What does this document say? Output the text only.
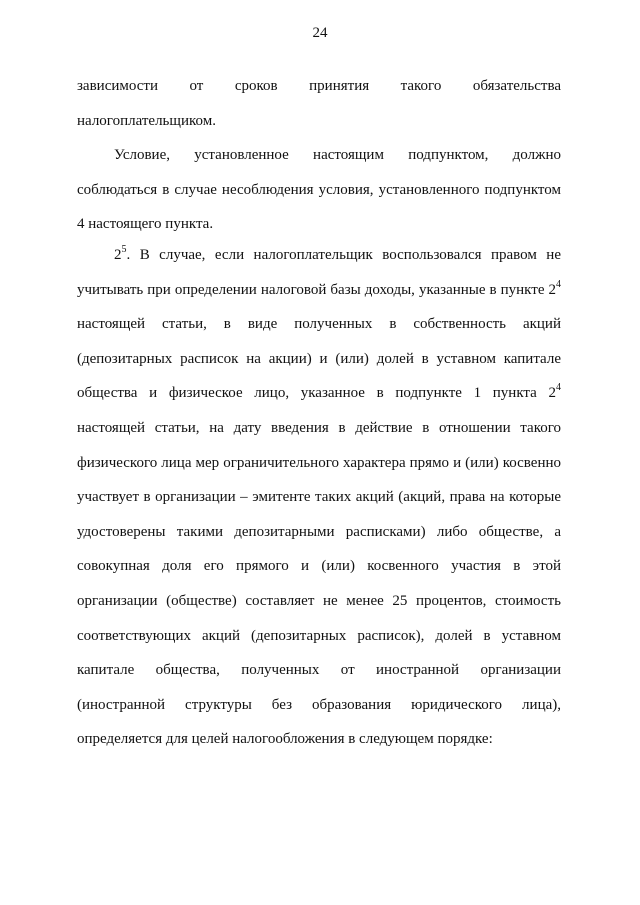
24

зависимости от сроков принятия такого обязательства налогоплательщиком.

Условие, установленное настоящим подпунктом, должно соблюдаться в случае несоблюдения условия, установленного подпунктом 4 настоящего пункта.

$2^5$. В случае, если налогоплательщик воспользовался правом не учитывать при определении налоговой базы доходы, указанные в пункте $2^4$ настоящей статьи, в виде полученных в собственность акций (депозитарных расписок на акции) и (или) долей в уставном капитале общества и физическое лицо, указанное в подпункте 1 пункта $2^4$ настоящей статьи, на дату введения в действие в отношении такого физического лица мер ограничительного характера прямо и (или) косвенно участвует в организации – эмитенте таких акций (акций, права на которые удостоверены такими депозитарными расписками) либо обществе, а совокупная доля его прямого и (или) косвенного участия в этой организации (обществе) составляет не менее 25 процентов, стоимость соответствующих акций (депозитарных расписок), долей в уставном капитале общества, полученных от иностранной организации (иностранной структуры без образования юридического лица), определяется для целей налогообложения в следующем порядке:
